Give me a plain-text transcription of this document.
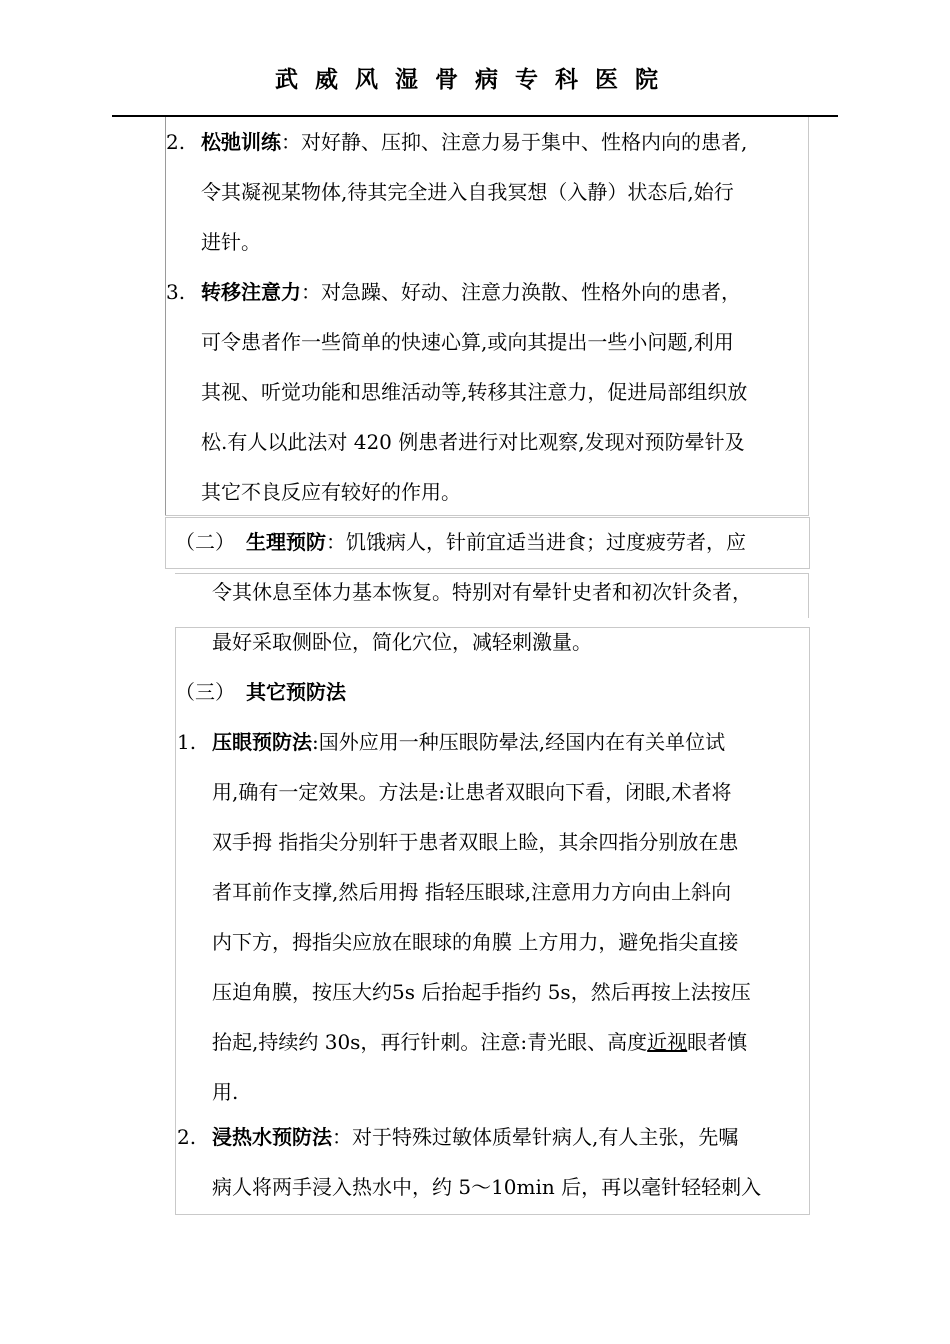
武威风湿骨病专科医院
2. 松弛训练：对好静、压抑、注意力易于集中、性格内向的患者,
令其凝视某物体,待其完全进入自我冥想（入静）状态后,始行
进针。
3. 转移注意力：对急躁、好动、注意力涣散、性格外向的患者，
可令患者作一些简单的快速心算,或向其提出一些小问题,利用
其视、听觉功能和思维活动等,转移其注意力，促进局部组织放
松.有人以此法对 420 例患者进行对比观察,发现对预防晕针及
其它不良反应有较好的作用。
（二） 生理预防：饥饿病人，针前宜适当进食；过度疲劳者，应
令其休息至体力基本恢复。特别对有晕针史者和初次针灸者，
最好采取侧卧位，简化穴位，减轻刺激量。
（三） 其它预防法
1. 压眼预防法:国外应用一种压眼防晕法,经国内在有关单位试
用,确有一定效果。方法是:让患者双眼向下看，闭眼,术者将
双手拇 指指尖分别轩于患者双眼上睑，其余四指分别放在患
者耳前作支撑,然后用拇 指轻压眼球,注意用力方向由上斜向
内下方，拇指尖应放在眼球的角膜 上方用力，避免指尖直接
压迫角膜，按压大约5s 后抬起手指约 5s，然后再按上法按压
抬起,持续约 30s，再行针刺。注意:青光眼、高度近视眼者慎
用.
2. 浸热水预防法：对于特殊过敏体质晕针病人,有人主张，先嘱
病人将两手浸入热水中，约 5～10min 后，再以毫针轻轻刺入
